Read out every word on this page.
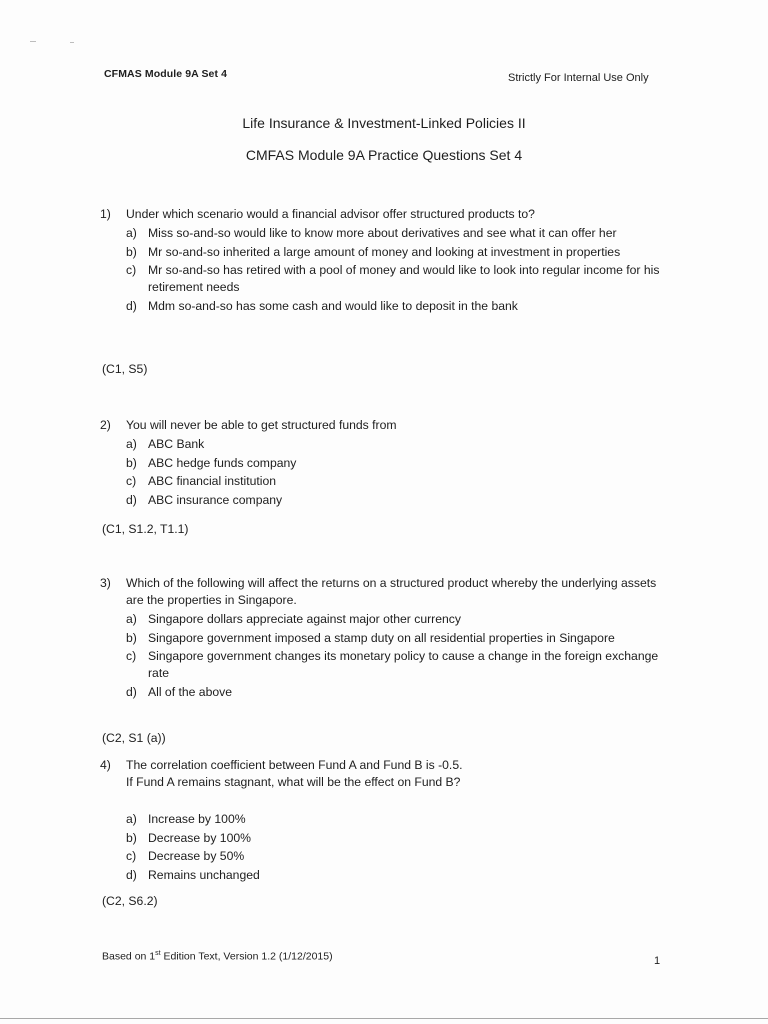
CFMAS Module 9A Set 4	Strictly For Internal Use Only
Life Insurance & Investment-Linked Policies II
CMFAS Module 9A Practice Questions Set 4
1)	Under which scenario would a financial advisor offer structured products to?
a) Miss so-and-so would like to know more about derivatives and see what it can offer her
b) Mr so-and-so inherited a large amount of money and looking at investment in properties
c) Mr so-and-so has retired with a pool of money and would like to look into regular income for his retirement needs
d) Mdm so-and-so has some cash and would like to deposit in the bank
(C1, S5)
2)	You will never be able to get structured funds from
a) ABC Bank
b) ABC hedge funds company
c) ABC financial institution
d) ABC insurance company
(C1, S1.2, T1.1)
3)	Which of the following will affect the returns on a structured product whereby the underlying assets are the properties in Singapore.
a) Singapore dollars appreciate against major other currency
b) Singapore government imposed a stamp duty on all residential properties in Singapore
c) Singapore government changes its monetary policy to cause a change in the foreign exchange rate
d) All of the above
(C2, S1 (a))
4)	The correlation coefficient between Fund A and Fund B is -0.5.
If Fund A remains stagnant, what will be the effect on Fund B?
a) Increase by 100%
b) Decrease by 100%
c) Decrease by 50%
d) Remains unchanged
(C2, S6.2)
Based on 1st Edition Text, Version 1.2 (1/12/2015)	1
